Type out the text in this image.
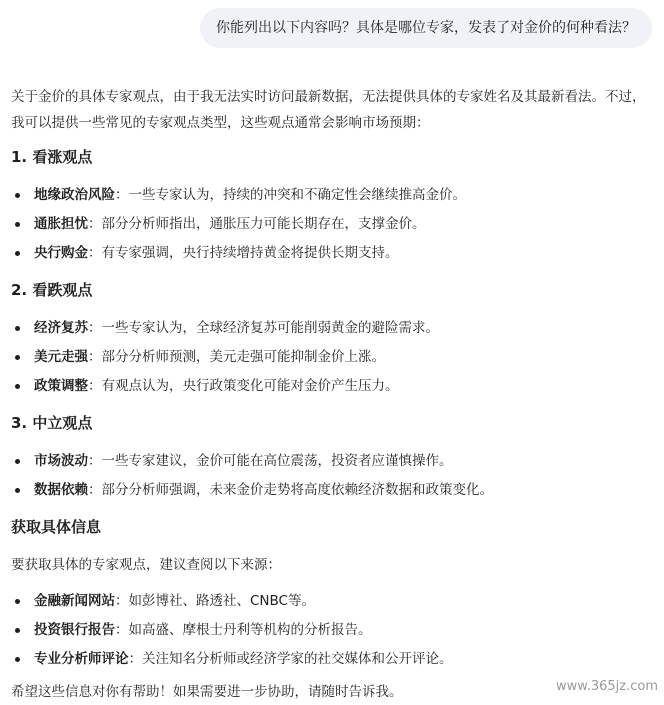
你能列出以下内容吗？具体是哪位专家，发表了对金价的何种看法？

关于金价的具体专家观点，由于我无法实时访问最新数据，无法提供具体的专家姓名及其最新看法。不过，我可以提供一些常见的专家观点类型，这些观点通常会影响市场预期：

1. 看涨观点
地缘政治风险：一些专家认为，持续的冲突和不确定性会继续推高金价。
通胀担忧：部分分析师指出，通胀压力可能长期存在，支撑金价。
央行购金：有专家强调，央行持续增持黄金将提供长期支持。
2. 看跌观点
经济复苏：一些专家认为，全球经济复苏可能削弱黄金的避险需求。
美元走强：部分分析师预测，美元走强可能抑制金价上涨。
政策调整：有观点认为，央行政策变化可能对金价产生压力。
3. 中立观点
市场波动：一些专家建议，金价可能在高位震荡，投资者应谨慎操作。
数据依赖：部分分析师强调，未来金价走势将高度依赖经济数据和政策变化。
获取具体信息

要获取具体的专家观点，建议查阅以下来源：

金融新闻网站：如彭博社、路透社、CNBC等。
投资银行报告：如高盛、摩根士丹利等机构的分析报告。
专业分析师评论：关注知名分析师或经济学家的社交媒体和公开评论。

希望这些信息对你有帮助！如果需要进一步协助，请随时告诉我。	www.365jz.com
